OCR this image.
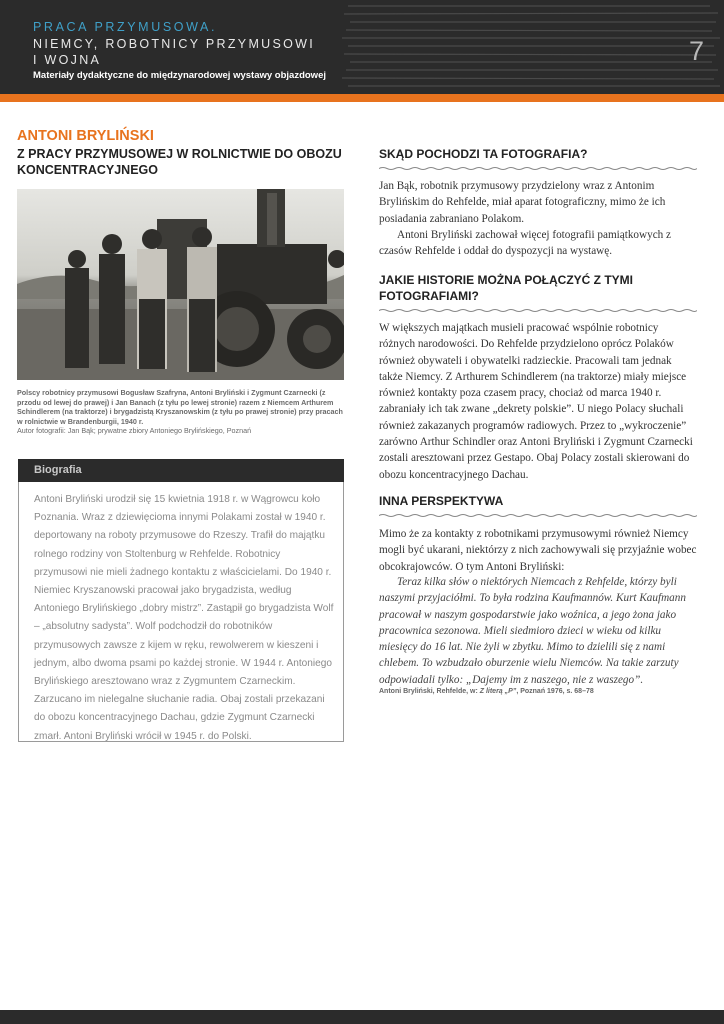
PRACA PRZYMUSOWA.
NIEMCY, ROBOTNICY PRZYMUSOWI
I WOJNA
Materiały dydaktyczne do międzynarodowej wystawy objazdowej
7
ANTONI BRYLIŃSKI
Z PRACY PRZYMUSOWEJ W ROLNICTWIE DO OBOZU KONCENTRACYJNEGO
Polscy robotnicy przymusowi Bogusław Szafryna, Antoni Bryliński i Zygmunt Czarnecki (z przodu od lewej do prawej) i Jan Banach (z tyłu po lewej stronie) razem z Niemcem Arthurem Schindlerem (na traktorze) i brygadzistą Kryszanowskim (z tyłu po prawej stronie) przy pracach w rolnictwie w Brandenburgii, 1940 r.
Autor fotografii: Jan Bąk; prywatne zbiory Antoniego Brylińskiego, Poznań
Biografia
Antoni Bryliński urodził się 15 kwietnia 1918 r. w Wągrowcu koło Poznania. Wraz z dziewięcioma innymi Polakami został w 1940 r. deportowany na roboty przymusowe do Rzeszy. Trafił do majątku rolnego rodziny von Stoltenburg w Rehfelde. Robotnicy przymusowi nie mieli żadnego kontaktu z właścicielami. Do 1940 r. Niemiec Kryszanowski pracował jako brygadzista, według Antoniego Brylińskiego „dobry mistrz”. Zastąpił go brygadzista Wolf – „absolutny sadysta”. Wolf podchodził do robotników przymusowych zawsze z kijem w ręku, rewolwerem w kieszeni i jednym, albo dwoma psami po każdej stronie. W 1944 r. Antoniego Brylińskiego aresztowano wraz z Zygmuntem Czarneckim. Zarzucano im nielegalne słuchanie radia. Obaj zostali przekazani do obozu koncentracyjnego Dachau, gdzie Zygmunt Czarnecki zmarł. Antoni Bryliński wrócił w 1945 r. do Polski.
SKĄD POCHODZI TA FOTOGRAFIA?
Jan Bąk, robotnik przymusowy przydzielony wraz z Antonim Brylińskim do Rehfelde, miał aparat fotograficzny, mimo że ich posiadania zabraniano Polakom.
Antoni Bryliński zachował więcej fotografii pamiątkowych z czasów Rehfelde i oddał do dyspozycji na wystawę.
JAKIE HISTORIE MOŻNA POŁĄCZYĆ Z TYMI FOTOGRAFIAMI?
W większych majątkach musieli pracować wspólnie robotnicy różnych narodowości. Do Rehfelde przydzielono oprócz Polaków również obywateli i obywatelki radzieckie. Pracowali tam jednak także Niemcy. Z Arthurem Schindlerem (na traktorze) miały miejsce również kontakty poza czasem pracy, chociaż od marca 1940 r. zabraniały ich tak zwane „dekrety polskie”. U niego Polacy słuchali również zakazanych programów radiowych. Przez to „wykroczenie” zarówno Arthur Schindler oraz Antoni Bryliński i Zygmunt Czarnecki zostali aresztowani przez Gestapo. Obaj Polacy zostali skierowani do obozu koncentracyjnego Dachau.
INNA PERSPEKTYWA
Mimo że za kontakty z robotnikami przymusowymi również Niemcy mogli być ukarani, niektórzy z nich zachowywali się przyjaźnie wobec obcokrajowców. O tym Antoni Bryliński:
Teraz kilka słów o niektórych Niemcach z Rehfelde, którzy byli naszymi przyjaciółmi. To była rodzina Kaufmannów. Kurt Kaufmann pracował w naszym gospodarstwie jako woźnica, a jego żona jako pracownica sezonowa. Mieli siedmioro dzieci w wieku od kilku miesięcy do 16 lat. Nie żyli w zbytku. Mimo to dzielili się z nami chlebem. To wzbudzało oburzenie wielu Niemców. Na takie zarzuty odpowiadali tylko: „Dajemy im z naszego, nie z waszego”.
Antoni Bryliński, Rehfelde, w: Z literą „P”, Poznań 1976, s. 68–78
